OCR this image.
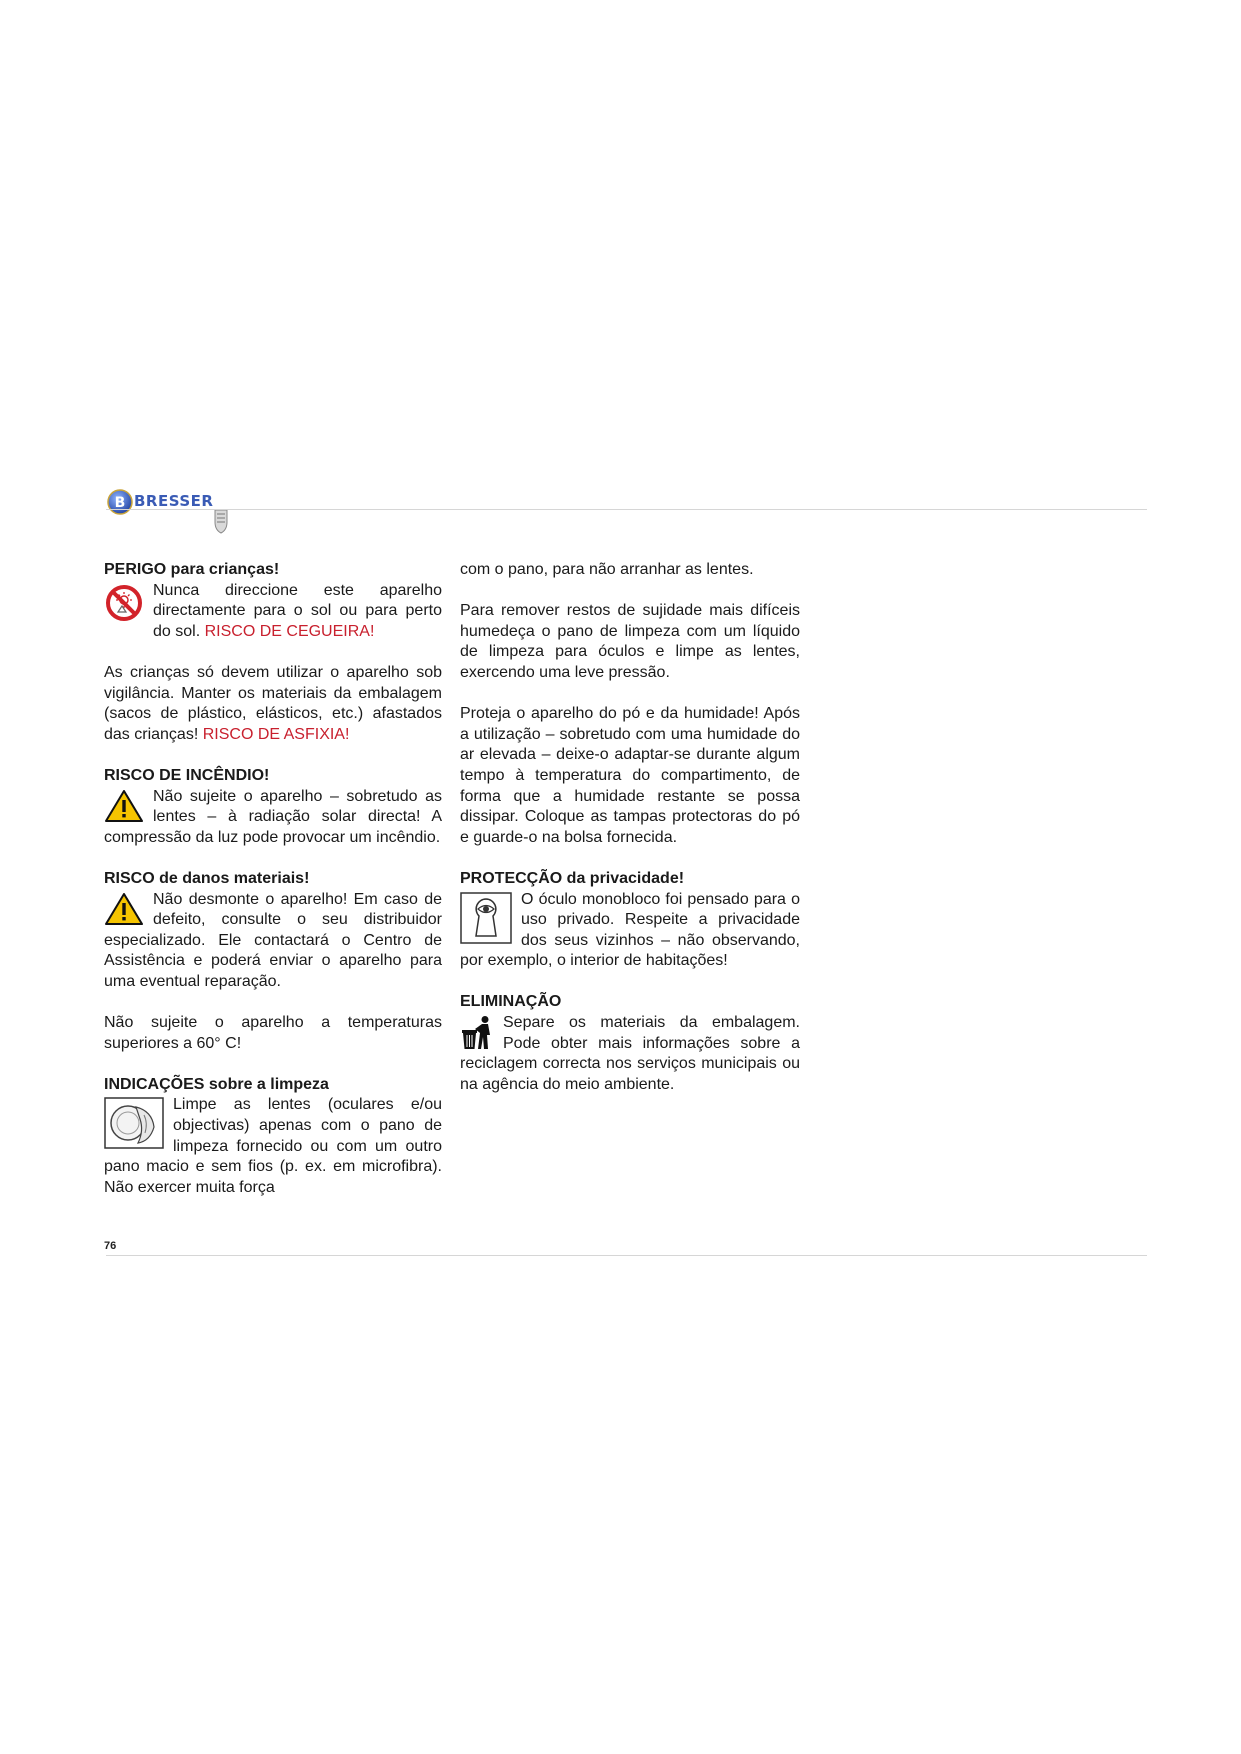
B BRESSER
PERIGO para crianças!

Nunca direccione este aparelho directamente para o sol ou para perto do sol. RISCO DE CEGUEIRA!

As crianças só devem utilizar o aparelho sob vigilância. Manter os materiais da embalagem (sacos de plástico, elásticos, etc.) afastados das crianças! RISCO DE ASFIXIA!

RISCO DE INCÊNDIO!

Não sujeite o aparelho – sobretudo as lentes – à radiação solar directa! A compressão da luz pode provocar um incêndio.

RISCO de danos materiais!

Não desmonte o aparelho! Em caso de defeito, consulte o seu distribuidor especializado. Ele contactará o Centro de Assistência e poderá enviar o aparelho para uma eventual reparação.

Não sujeite o aparelho a temperaturas superiores a 60° C!

INDICAÇÕES sobre a limpeza

Limpe as lentes (oculares e/ou objectivas) apenas com o pano de limpeza fornecido ou com um outro pano macio e sem fios (p. ex. em microfibra). Não exercer muita força

com o pano, para não arranhar as lentes.

Para remover restos de sujidade mais difíceis humedeça o pano de limpeza com um líquido de limpeza para óculos e limpe as lentes, exercendo uma leve pressão.

Proteja o aparelho do pó e da humidade! Após a utilização – sobretudo com uma humidade do ar elevada – deixe-o adaptar-se durante algum tempo à temperatura do compartimento, de forma que a humidade restante se possa dissipar. Coloque as tampas protectoras do pó e guarde-o na bolsa fornecida.

PROTECÇÃO da privacidade!

O óculo monobloco foi pensado para o uso privado. Respeite a privacidade dos seus vizinhos – não observando, por exemplo, o interior de habitações!

ELIMINAÇÃO

Separe os materiais da embalagem. Pode obter mais informações sobre a reciclagem correcta nos serviços municipais ou na agência do meio ambiente.

76
